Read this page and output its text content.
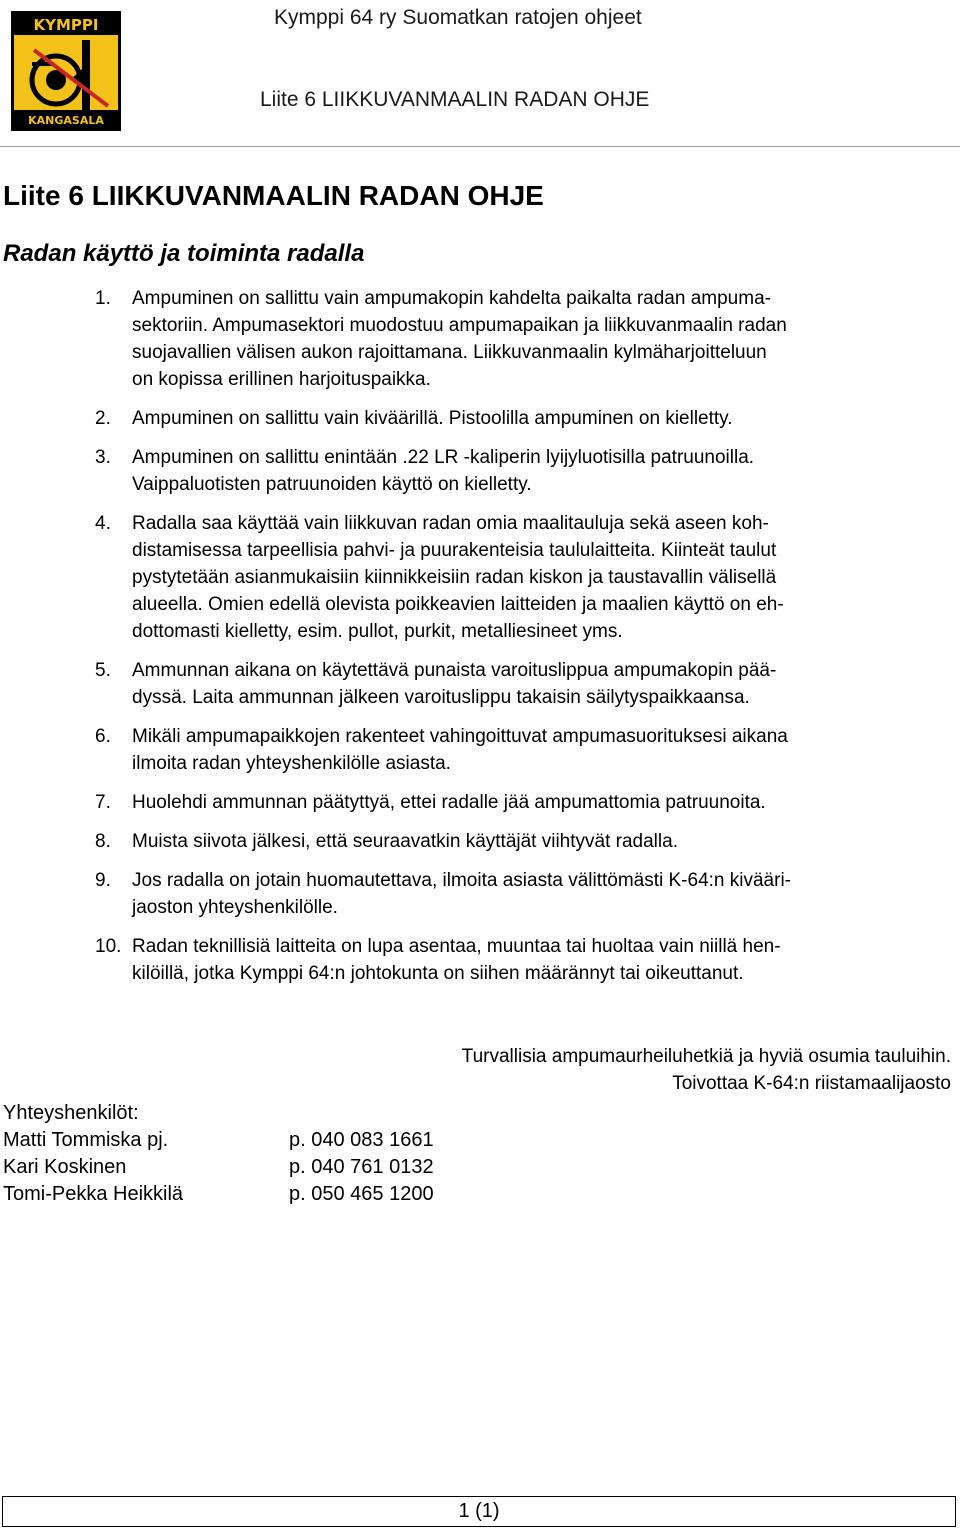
KYMPPI
KANGASALA
Kymppi 64 ry Suomatkan ratojen ohjeet
Liite 6 LIIKKUVANMAALIN RADAN OHJE
Liite 6 LIIKKUVANMAALIN RADAN OHJE
Radan käyttö ja toiminta radalla
1. Ampuminen on sallittu vain ampumakopin kahdelta paikalta radan ampuma-
sektoriin. Ampumasektori muodostuu ampumapaikan ja liikkuvanmaalin radan
suojavallien välisen aukon rajoittamana. Liikkuvanmaalin kylmäharjoitteluun
on kopissa erillinen harjoituspaikka.
2. Ampuminen on sallittu vain kiväärillä. Pistoolilla ampuminen on kielletty.
3. Ampuminen on sallittu enintään .22 LR -kaliperin lyijyluotisilla patruunoilla.
Vaippaluotisten patruunoiden käyttö on kielletty.
4. Radalla saa käyttää vain liikkuvan radan omia maalitauluja sekä aseen koh-
distamisessa tarpeellisia pahvi- ja puurakenteisia taululaitteita. Kiinteät taulut
pystytetään asianmukaisiin kiinnikkeisiin radan kiskon ja taustavallin välisellä
alueella. Omien edellä olevista poikkeavien laitteiden ja maalien käyttö on eh-
dottomasti kielletty, esim. pullot, purkit, metalliesineet yms.
5. Ammunnan aikana on käytettävä punaista varoituslippua ampumakopin pää-
dyssä. Laita ammunnan jälkeen varoituslippu takaisin säilytyspaikkaansa.
6. Mikäli ampumapaikkojen rakenteet vahingoittuvat ampumasuorituksesi aikana
ilmoita radan yhteyshenkilölle asiasta.
7. Huolehdi ammunnan päätyttyä, ettei radalle jää ampumattomia patruunoita.
8. Muista siivota jälkesi, että seuraavatkin käyttäjät viihtyvät radalla.
9. Jos radalla on jotain huomautettava, ilmoita asiasta välittömästi K-64:n kivääri-
jaoston yhteyshenkilölle.
10. Radan teknillisiä laitteita on lupa asentaa, muuntaa tai huoltaa vain niillä hen-
kilöillä, jotka Kymppi 64:n johtokunta on siihen määrännyt tai oikeuttanut.
Turvallisia ampumaurheiluhetkiä ja hyviä osumia tauluihin.
Toivottaa K-64:n riistamaalijaosto
Yhteyshenkilöt:
Matti Tommiska pj.	p. 040 083 1661
Kari Koskinen	p. 040 761 0132
Tomi-Pekka Heikkilä	p. 050 465 1200
1 (1)
